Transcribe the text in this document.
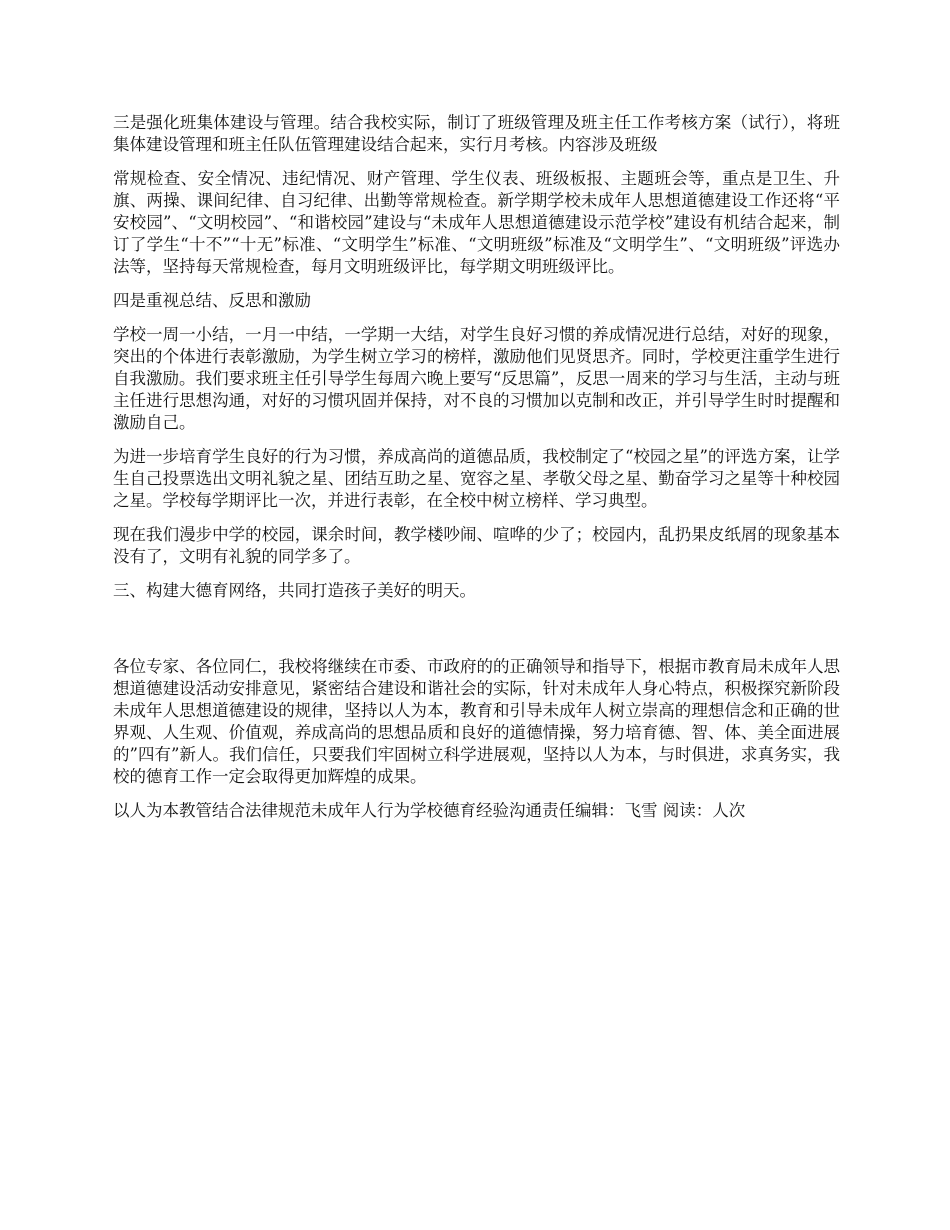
三是强化班集体建设与管理。结合我校实际，制订了班级管理及班主任工作考核方案（试行），将班集体建设管理和班主任队伍管理建设结合起来，实行月考核。内容涉及班级

常规检查、安全情况、违纪情况、财产管理、学生仪表、班级板报、主题班会等，重点是卫生、升旗、两操、课间纪律、自习纪律、出勤等常规检查。新学期学校未成年人思想道德建设工作还将“平安校园”、“文明校园”、“和谐校园”建设与“未成年人思想道德建设示范学校”建设有机结合起来，制订了学生“十不”“十无”标准、“文明学生”标准、“文明班级”标准及“文明学生”、“文明班级”评选办法等，坚持每天常规检查，每月文明班级评比，每学期文明班级评比。

四是重视总结、反思和激励

学校一周一小结，一月一中结，一学期一大结，对学生良好习惯的养成情况进行总结，对好的现象，突出的个体进行表彰激励，为学生树立学习的榜样，激励他们见贤思齐。同时，学校更注重学生进行自我激励。我们要求班主任引导学生每周六晚上要写“反思篇”，反思一周来的学习与生活，主动与班主任进行思想沟通，对好的习惯巩固并保持，对不良的习惯加以克制和改正，并引导学生时时提醒和激励自己。

为进一步培育学生良好的行为习惯，养成高尚的道德品质，我校制定了“校园之星”的评选方案，让学生自己投票选出文明礼貌之星、团结互助之星、宽容之星、孝敬父母之星、勤奋学习之星等十种校园之星。学校每学期评比一次，并进行表彰，在全校中树立榜样、学习典型。

现在我们漫步中学的校园，课余时间，教学楼吵闹、喧哗的少了；校园内，乱扔果皮纸屑的现象基本没有了，文明有礼貌的同学多了。

三、构建大德育网络，共同打造孩子美好的明天。

各位专家、各位同仁，我校将继续在市委、市政府的的正确领导和指导下，根据市教育局未成年人思想道德建设活动安排意见，紧密结合建设和谐社会的实际，针对未成年人身心特点，积极探究新阶段未成年人思想道德建设的规律，坚持以人为本，教育和引导未成年人树立崇高的理想信念和正确的世界观、人生观、价值观，养成高尚的思想品质和良好的道德情操，努力培育德、智、体、美全面进展的”四有”新人。我们信任，只要我们牢固树立科学进展观，坚持以人为本，与时俱进，求真务实，我校的德育工作一定会取得更加辉煌的成果。

以人为本教管结合法律规范未成年人行为学校德育经验沟通责任编辑：飞雪 阅读：人次
